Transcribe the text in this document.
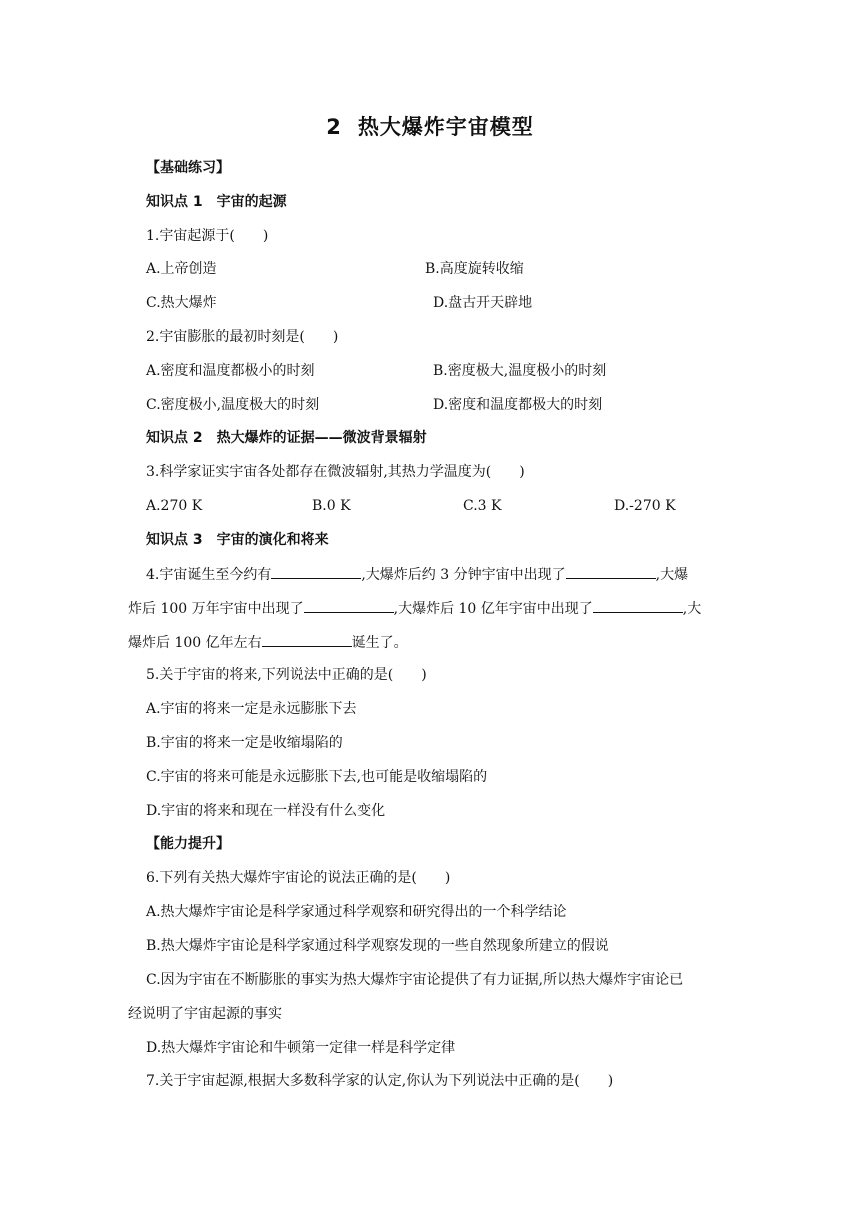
2 热大爆炸宇宙模型
【基础练习】
知识点 1　宇宙的起源
1.宇宙起源于(　　)
A.上帝创造	B.高度旋转收缩
C.热大爆炸	D.盘古开天辟地
2.宇宙膨胀的最初时刻是(　　)
A.密度和温度都极小的时刻	B.密度极大,温度极小的时刻
C.密度极小,温度极大的时刻	D.密度和温度都极大的时刻
知识点 2　热大爆炸的证据——微波背景辐射
3.科学家证实宇宙各处都存在微波辐射,其热力学温度为(　　)
A.270 K	B.0 K	C.3 K	D.-270 K
知识点 3　宇宙的演化和将来
4.宇宙诞生至今约有	,大爆炸后约 3 分钟宇宙中出现了	,大爆
炸后 100 万年宇宙中出现了	,大爆炸后 10 亿年宇宙中出现了	,大
爆炸后 100 亿年左右	诞生了。
5.关于宇宙的将来,下列说法中正确的是(　　)
A.宇宙的将来一定是永远膨胀下去
B.宇宙的将来一定是收缩塌陷的
C.宇宙的将来可能是永远膨胀下去,也可能是收缩塌陷的
D.宇宙的将来和现在一样没有什么变化
【能力提升】
6.下列有关热大爆炸宇宙论的说法正确的是(　　)
A.热大爆炸宇宙论是科学家通过科学观察和研究得出的一个科学结论
B.热大爆炸宇宙论是科学家通过科学观察发现的一些自然现象所建立的假说
C.因为宇宙在不断膨胀的事实为热大爆炸宇宙论提供了有力证据,所以热大爆炸宇宙论已
经说明了宇宙起源的事实
D.热大爆炸宇宙论和牛顿第一定律一样是科学定律
7.关于宇宙起源,根据大多数科学家的认定,你认为下列说法中正确的是(　　)
